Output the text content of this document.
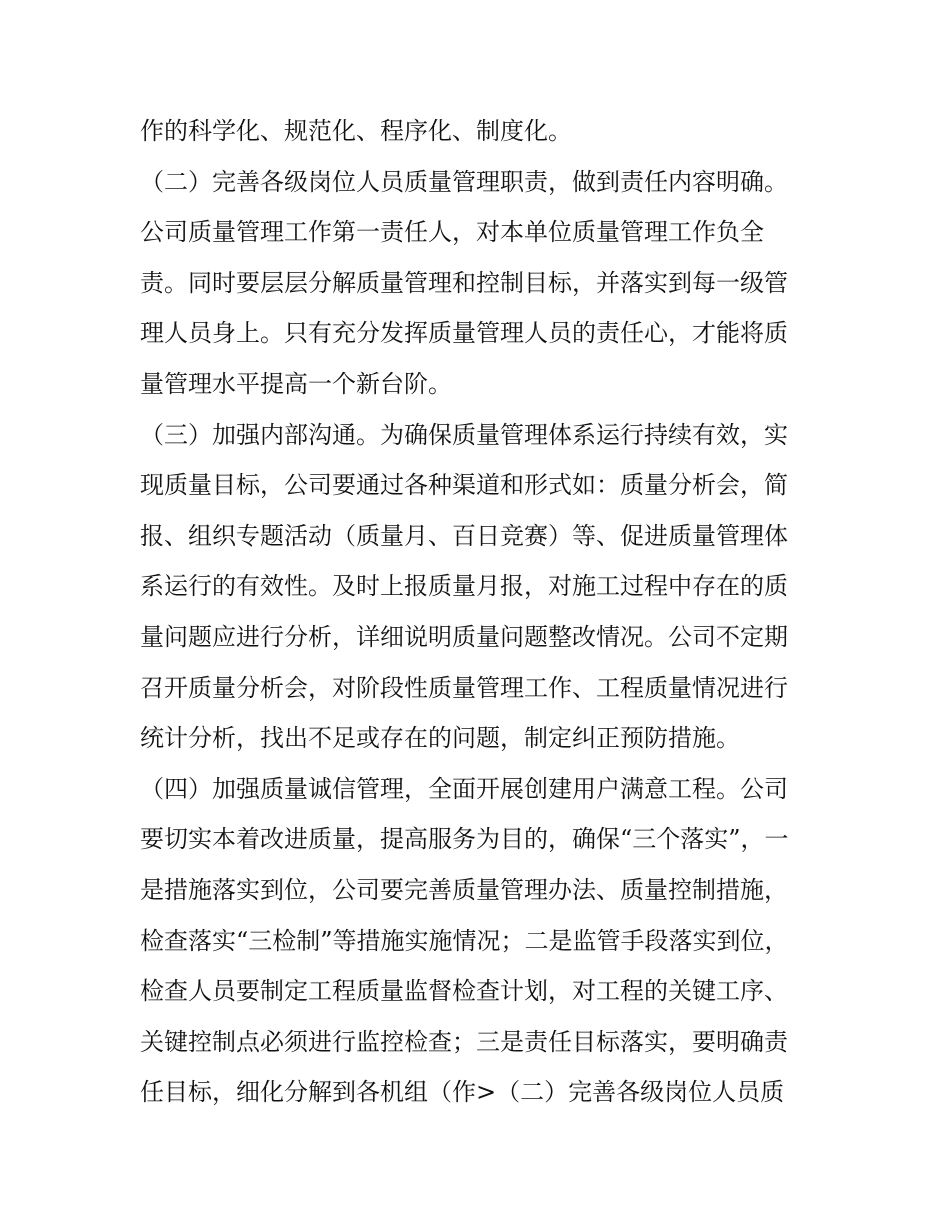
作的科学化、规范化、程序化、制度化。
（二）完善各级岗位人员质量管理职责，做到责任内容明确。
公司质量管理工作第一责任人，对本单位质量管理工作负全
责。同时要层层分解质量管理和控制目标，并落实到每一级管
理人员身上。只有充分发挥质量管理人员的责任心，才能将质
量管理水平提高一个新台阶。
（三）加强内部沟通。为确保质量管理体系运行持续有效，实
现质量目标，公司要通过各种渠道和形式如：质量分析会，简
报、组织专题活动（质量月、百日竞赛）等、促进质量管理体
系运行的有效性。及时上报质量月报，对施工过程中存在的质
量问题应进行分析，详细说明质量问题整改情况。公司不定期
召开质量分析会，对阶段性质量管理工作、工程质量情况进行
统计分析，找出不足或存在的问题，制定纠正预防措施。
（四）加强质量诚信管理，全面开展创建用户满意工程。公司
要切实本着改进质量，提高服务为目的，确保“三个落实”，一
是措施落实到位，公司要完善质量管理办法、质量控制措施，
检查落实“三检制”等措施实施情况；二是监管手段落实到位，
检查人员要制定工程质量监督检查计划，对工程的关键工序、
关键控制点必须进行监控检查；三是责任目标落实，要明确责
任目标，细化分解到各机组（作>（二）完善各级岗位人员质
